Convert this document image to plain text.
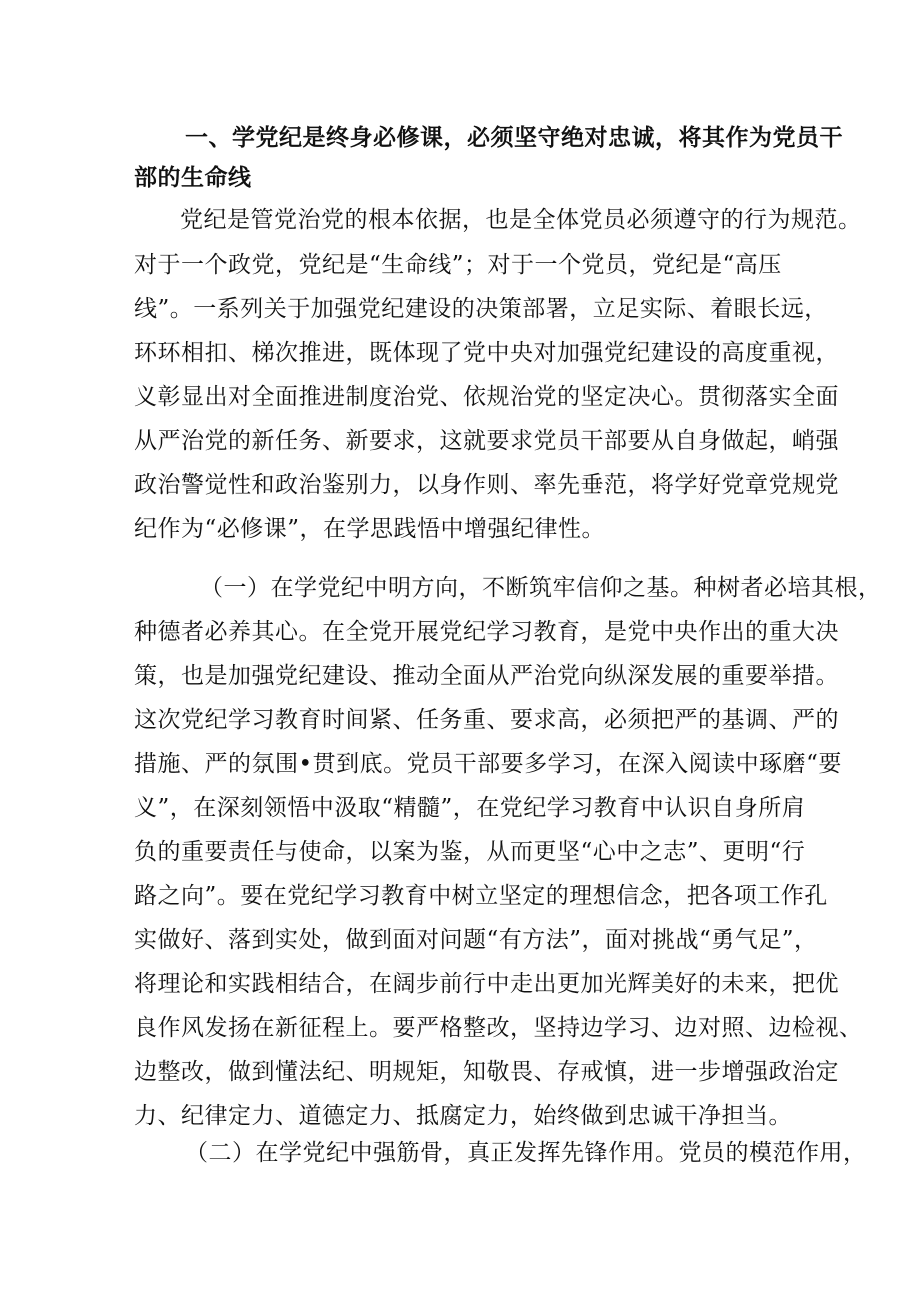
一、学党纪是终身必修课，必须坚守绝对忠诚，将其作为党员干
部的生命线
党纪是管党治党的根本依据，也是全体党员必须遵守的行为规范。
对于一个政党，党纪是“生命线”；对于一个党员，党纪是“高压
线”。一系列关于加强党纪建设的决策部署，立足实际、着眼长远，
环环相扣、梯次推进，既体现了党中央对加强党纪建设的高度重视，
义彰显出对全面推进制度治党、依规治党的坚定决心。贯彻落实全面
从严治党的新任务、新要求，这就要求党员干部要从自身做起，峭强
政治警觉性和政治鉴别力，以身作则、率先垂范，将学好党章党规党
纪作为“必修课”，在学思践悟中增强纪律性。
（一）在学党纪中明方向，不断筑牢信仰之基。种树者必培其根，
种德者必养其心。在全党开展党纪学习教育，是党中央作出的重大决
策，也是加强党纪建设、推动全面从严治党向纵深发展的重要举措。
这次党纪学习教育时间紧、任务重、要求高，必须把严的基调、严的
措施、严的氛围•贯到底。党员干部要多学习，在深入阅读中琢磨“要
义”，在深刻领悟中汲取“精髓”，在党纪学习教育中认识自身所肩
负的重要责任与使命，以案为鉴，从而更坚“心中之志”、更明“行
路之向”。要在党纪学习教育中树立坚定的理想信念，把各项工作孔
实做好、落到实处，做到面对问题“有方法”，面对挑战“勇气足”，
将理论和实践相结合，在阔步前行中走出更加光辉美好的未来，把优
良作风发扬在新征程上。要严格整改，坚持边学习、边对照、边检视、
边整改，做到懂法纪、明规矩，知敬畏、存戒慎，进一步增强政治定
力、纪律定力、道德定力、抵腐定力，始终做到忠诚干净担当。
（二）在学党纪中强筋骨，真正发挥先锋作用。党员的模范作用，
